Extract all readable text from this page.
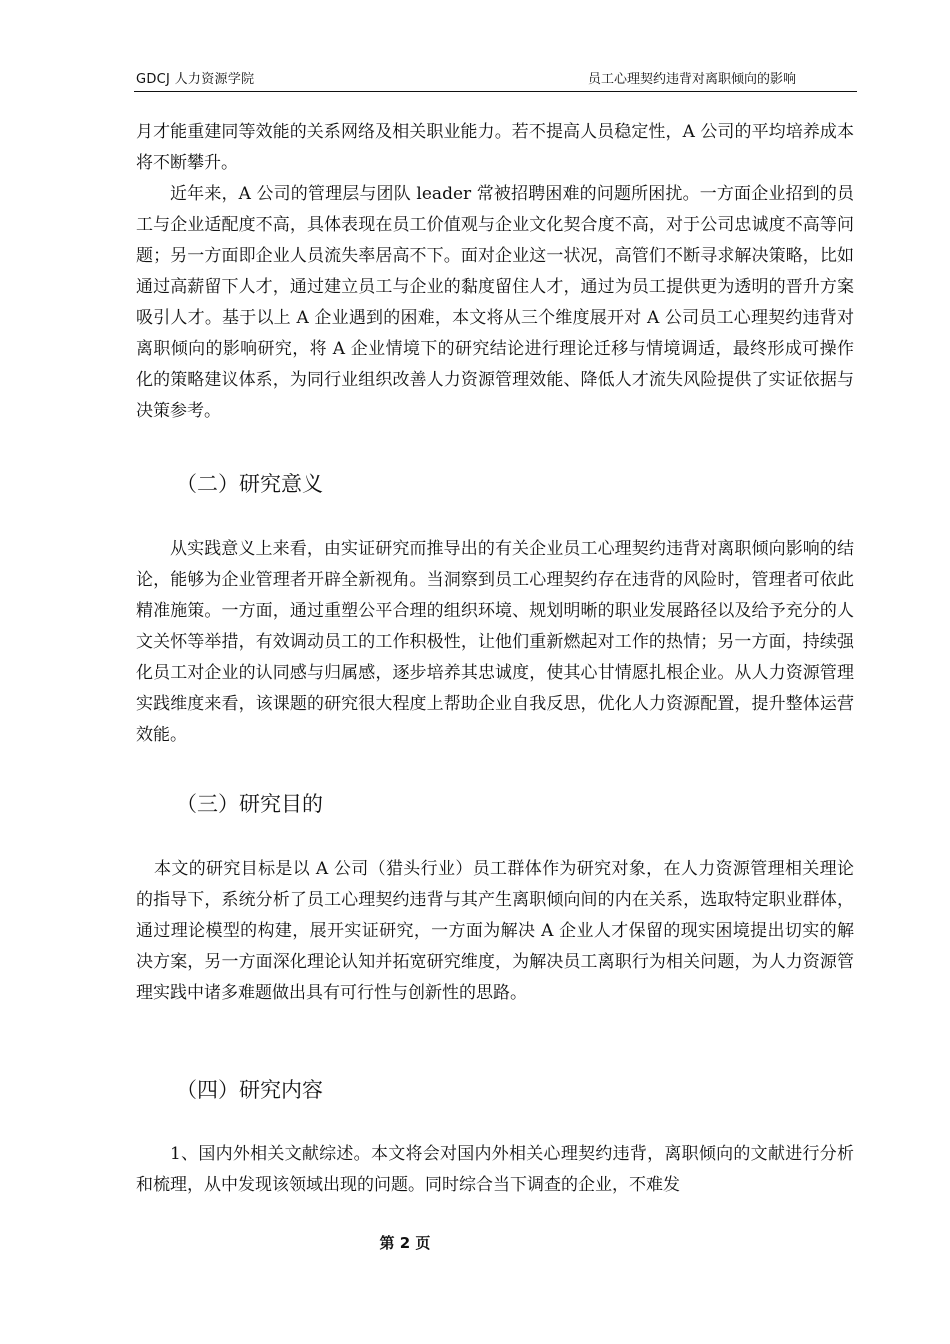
GDCJ 人力资源学院	员工心理契约违背对离职倾向的影响

月才能重建同等效能的关系网络及相关职业能力。若不提高人员稳定性，A 公司的平均培养成本将不断攀升。

近年来，A 公司的管理层与团队 leader 常被招聘困难的问题所困扰。一方面企业招到的员工与企业适配度不高，具体表现在员工价值观与企业文化契合度不高，对于公司忠诚度不高等问题；另一方面即企业人员流失率居高不下。面对企业这一状况，高管们不断寻求解决策略，比如通过高薪留下人才，通过建立员工与企业的黏度留住人才，通过为员工提供更为透明的晋升方案吸引人才。基于以上 A 企业遇到的困难，本文将从三个维度展开对 A 公司员工心理契约违背对离职倾向的影响研究，将 A 企业情境下的研究结论进行理论迁移与情境调适，最终形成可操作化的策略建议体系，为同行业组织改善人力资源管理效能、降低人才流失风险提供了实证依据与决策参考。

（二）研究意义

从实践意义上来看，由实证研究而推导出的有关企业员工心理契约违背对离职倾向影响的结论，能够为企业管理者开辟全新视角。当洞察到员工心理契约存在违背的风险时，管理者可依此精准施策。一方面，通过重塑公平合理的组织环境、规划明晰的职业发展路径以及给予充分的人文关怀等举措，有效调动员工的工作积极性，让他们重新燃起对工作的热情；另一方面，持续强化员工对企业的认同感与归属感，逐步培养其忠诚度，使其心甘情愿扎根企业。从人力资源管理实践维度来看，该课题的研究很大程度上帮助企业自我反思，优化人力资源配置，提升整体运营效能。

（三）研究目的

本文的研究目标是以 A 公司（猎头行业）员工群体作为研究对象，在人力资源管理相关理论的指导下，系统分析了员工心理契约违背与其产生离职倾向间的内在关系，选取特定职业群体，通过理论模型的构建，展开实证研究，一方面为解决 A 企业人才保留的现实困境提出切实的解决方案，另一方面深化理论认知并拓宽研究维度，为解决员工离职行为相关问题，为人力资源管理实践中诸多难题做出具有可行性与创新性的思路。

（四）研究内容

1、国内外相关文献综述。本文将会对国内外相关心理契约违背，离职倾向的文献进行分析和梳理，从中发现该领域出现的问题。同时综合当下调查的企业，不难发

第 2 页
